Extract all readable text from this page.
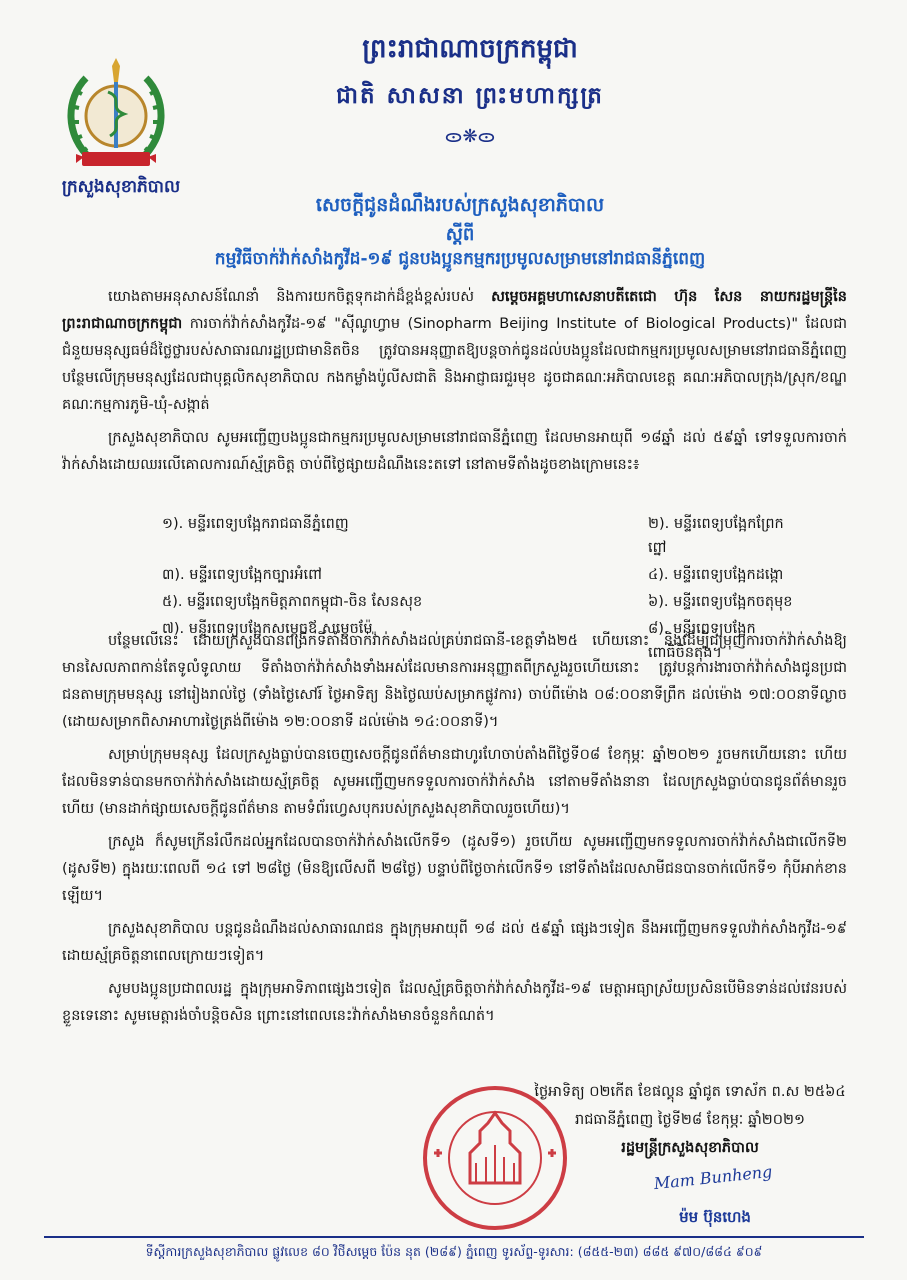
ក្រសួងសុខាភិបាល
ព្រះរាជាណាចក្រកម្ពុជា
ជាតិ សាសនា ព្រះមហាក្សត្រ
ᯣ❋ᯣ
សេចក្តីជូនដំណឹងរបស់ក្រសួងសុខាភិបាល
ស្តីពី
កម្មវិធីចាក់វ៉ាក់សាំងកូវីដ-១៩ ជូនបងប្អូនកម្មករប្រមូលសម្រាមនៅរាជធានីភ្នំពេញ

យោងតាមអនុសាសន៍ណែនាំ និងការយកចិត្តទុកដាក់ដ៏ខ្ពង់ខ្ពស់របស់ សម្តេចអគ្គមហាសេនាបតីតេជោ ហ៊ុន សែន នាយករដ្ឋមន្ត្រីនៃព្រះរាជាណាចក្រកម្ពុជា ការចាក់វ៉ាក់សាំងកូវីដ-១៩ "ស៊ីណូហ្វាម (Sinopharm Beijing Institute of Biological Products)" ដែលជាជំនួយមនុស្សធម៌ដ៏ថ្លៃថ្លារបស់សាធារណរដ្ឋប្រជាមានិតចិន ត្រូវបានអនុញ្ញាតឱ្យបន្តចាក់ជូនដល់បងប្អូនដែលជាកម្មករប្រមូលសម្រាមនៅរាជធានីភ្នំពេញ បន្ថែមលើក្រុមមនុស្សដែលជាបុគ្គលិកសុខាភិបាល កងកម្លាំងប៉ូលីសជាតិ និងអាជ្ញាធរជួរមុខ ដូចជាគណៈអភិបាលខេត្ត គណៈអភិបាលក្រុង/ស្រុក/ខណ្ឌ គណៈកម្មការភូមិ-ឃុំ-សង្កាត់

ក្រសួងសុខាភិបាល សូមអញ្ជើញបងប្អូនជាកម្មករប្រមូលសម្រាមនៅរាជធានីភ្នំពេញ ដែលមានអាយុពី ១៨ឆ្នាំ ដល់ ៥៩ឆ្នាំ ទៅទទួលការចាក់វ៉ាក់សាំងដោយឈរលើគោលការណ៍ស្ម័គ្រចិត្ត ចាប់ពីថ្ងៃផ្សាយដំណឹងនេះតទៅ នៅតាមទីតាំងដូចខាងក្រោមនេះ៖

១). មន្ទីរពេទ្យបង្អែករាជធានីភ្នំពេញ	២). មន្ទីរពេទ្យបង្អែកព្រែកព្នៅ
៣). មន្ទីរពេទ្យបង្អែកច្បារអំពៅ	៤). មន្ទីរពេទ្យបង្អែកដង្កោ
៥). មន្ទីរពេទ្យបង្អែកមិត្តភាពកម្ពុជា-ចិន សែនសុខ	៦). មន្ទីរពេទ្យបង្អែកចតុមុខ
៧). មន្ទីរពេទ្យបង្អែកសម្តេចឪ សម្តេចម៉ែ	៨). មន្ទីរពេទ្យបង្អែកពោធិចិនតុង។

បន្ថែមលើនេះ ដោយក្រសួងបានពង្រីកទីតាំងចាក់វ៉ាក់សាំងដល់គ្រប់រាជធានី-ខេត្តទាំង២៥ ហើយនោះ និងដើម្បីជម្រុញការចាក់វ៉ាក់សាំងឱ្យមានសៃលភាពកាន់តែទូលំទូលាយ ទីតាំងចាក់វ៉ាក់សាំងទាំងអស់ដែលមានការអនុញ្ញាតពីក្រសួងរួចហើយនោះ ត្រូវបន្តការងារចាក់វ៉ាក់សាំងជូនប្រជាជនតាមក្រុមមនុស្ស នៅរៀងរាល់ថ្ងៃ (ទាំងថ្ងៃសៅរ៍ ថ្ងៃអាទិត្យ និងថ្ងៃឈប់សម្រាកផ្លូវការ) ចាប់ពីម៉ោង ០៨:០០នាទីព្រឹក ដល់ម៉ោង ១៧:០០នាទីល្ងាច (ដោយសម្រាកពិសាអាហារថ្ងៃត្រង់ពីម៉ោង ១២:០០នាទី ដល់ម៉ោង ១៤:០០នាទី)។

សម្រាប់ក្រុមមនុស្ស ដែលក្រសួងធ្លាប់បានចេញសេចក្តីជូនព័ត៌មានជាហូរហែចាប់តាំងពីថ្ងៃទី០៨ ខែកុម្ភៈ ឆ្នាំ២០២១ រួចមកហើយនោះ ហើយដែលមិនទាន់បានមកចាក់វ៉ាក់សាំងដោយស្ម័គ្រចិត្ត សូមអញ្ជើញមកទទួលការចាក់វ៉ាក់សាំង នៅតាមទីតាំងនានា ដែលក្រសួងធ្លាប់បានជូនព័ត៌មានរួចហើយ (មានដាក់ផ្សាយសេចក្តីជូនព័ត៌មាន តាមទំព័រហ្វេសបុករបស់ក្រសួងសុខាភិបាលរួចហើយ)។

ក្រសួង ក៏សូមក្រើនរំលឹកដល់អ្នកដែលបានចាក់វ៉ាក់សាំងលើកទី១ (ដូសទី១) រួចហើយ សូមអញ្ជើញមកទទួលការចាក់វ៉ាក់សាំងជាលើកទី២ (ដូសទី២) ក្នុងរយៈពេលពី ១៤ ទៅ ២៨ថ្ងៃ (មិនឱ្យលើសពី ២៨ថ្ងៃ) បន្ទាប់ពីថ្ងៃចាក់លើកទី១ នៅទីតាំងដែលសាមីជនបានចាក់លើកទី១ កុំបីអាក់ខានឡើយ។

ក្រសួងសុខាភិបាល បន្តជូនដំណឹងដល់សាធារណជន ក្នុងក្រុមអាយុពី ១៨ ដល់ ៥៩ឆ្នាំ ផ្សេងៗទៀត នឹងអញ្ជើញមកទទួលវ៉ាក់សាំងកូវីដ-១៩ ដោយស្ម័គ្រចិត្តនាពេលក្រោយៗទៀត។

សូមបងប្អូនប្រជាពលរដ្ឋ ក្នុងក្រុមអាទិភាពផ្សេងៗទៀត ដែលស្ម័គ្រចិត្តចាក់វ៉ាក់សាំងកូវីដ-១៩ មេត្តាអធ្យាស្រ័យប្រសិនបើមិនទាន់ដល់វេនរបស់ខ្លួនទេនោះ សូមមេត្តារង់ចាំបន្តិចសិន ព្រោះនៅពេលនេះវ៉ាក់សាំងមានចំនួនកំណត់។

ថ្ងៃអាទិត្យ ០២កើត ខែផល្គុន ឆ្នាំជូត ទោស័ក ព.ស ២៥៦៤
រាជធានីភ្នំពេញ ថ្ងៃទី២៨ ខែកុម្ភៈ ឆ្នាំ២០២១
រដ្ឋមន្ត្រីក្រសួងសុខាភិបាល
Mam Bunheng
ម៉ម ប៊ុនហេង
ទីស្តីការក្រសួងសុខាភិបាល ផ្លូវលេខ ៨០ វិថីសម្តេច ប៉ែន នុត (២៨៩) ភ្នំពេញ ទូរស័ព្ទ-ទូរសារ: (៨៥៥-២៣) ៨៨៥ ៩៧០/៨៨៤ ៩០៩
